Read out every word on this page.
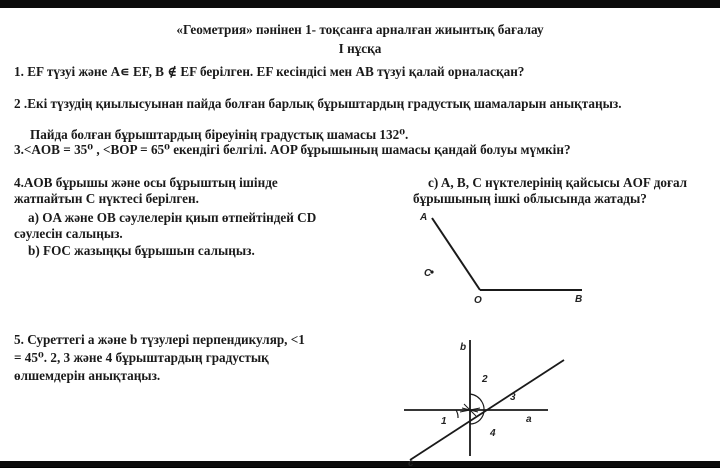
«Геометрия» пәнінен 1- тоқсанға арналған жиынтық бағалау
І нұсқа
1. EF түзуі және A∊ EF, B ∉ EF берілген. EF кесіндісі мен AB түзуі қалай орналасқан?
2 .Екі түзудің қиылысуынан пайда болған барлық бұрыштардың градустық шамаларын анықтаңыз.
Пайда болған бұрыштардың біреуінің градустық шамасы 132⁰.
3.<AOB = 35⁰ , <BOP = 65⁰ екендігі белгілі. AOP бұрышының шамасы қандай болуы мүмкін?
4.AOB бұрышы және осы бұрыштың ішінде
жатпайтын C нүктесі берілген.
а) OA және OB сәулелерін қиып өтпейтіндей CD
сәулесін салыңыз.
b) FOC жазыңқы бұрышын салыңыз.
c) A, B, C нүктелерінің қайсысы AOF доғал
бұрышының ішкі облысында жатады?
5. Суреттегі a және b түзулері перпендикуляр, <1
= 45⁰. 2, 3 және 4 бұрыштардың градустық
өлшемдерін анықтаңыз.
A
C
O	B
b
a
c
1
2
3
4
